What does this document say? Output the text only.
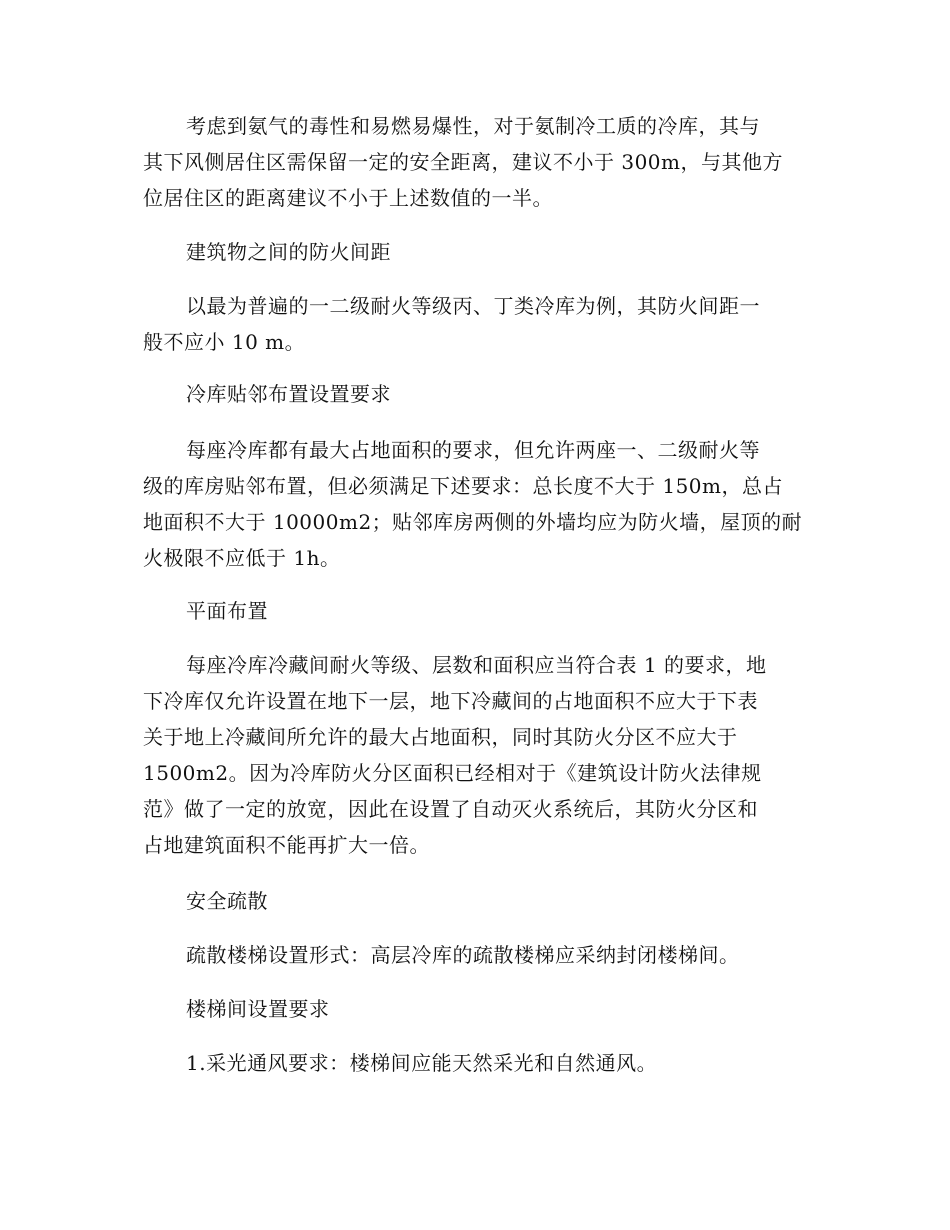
考虑到氨气的毒性和易燃易爆性，对于氨制冷工质的冷库，其与
其下风侧居住区需保留一定的安全距离，建议不小于 300m，与其他方
位居住区的距离建议不小于上述数值的一半。
建筑物之间的防火间距
以最为普遍的一二级耐火等级丙、丁类冷库为例，其防火间距一
般不应小 10 m。
冷库贴邻布置设置要求
每座冷库都有最大占地面积的要求，但允许两座一、二级耐火等
级的库房贴邻布置，但必须满足下述要求：总长度不大于 150m，总占
地面积不大于 10000m2；贴邻库房两侧的外墙均应为防火墙，屋顶的耐
火极限不应低于 1h。
平面布置
每座冷库冷藏间耐火等级、层数和面积应当符合表 1 的要求，地
下冷库仅允许设置在地下一层，地下冷藏间的占地面积不应大于下表
关于地上冷藏间所允许的最大占地面积，同时其防火分区不应大于
1500m2。因为冷库防火分区面积已经相对于《建筑设计防火法律规
范》做了一定的放宽，因此在设置了自动灭火系统后，其防火分区和
占地建筑面积不能再扩大一倍。
安全疏散
疏散楼梯设置形式：高层冷库的疏散楼梯应采纳封闭楼梯间。
楼梯间设置要求
1.采光通风要求：楼梯间应能天然采光和自然通风。
